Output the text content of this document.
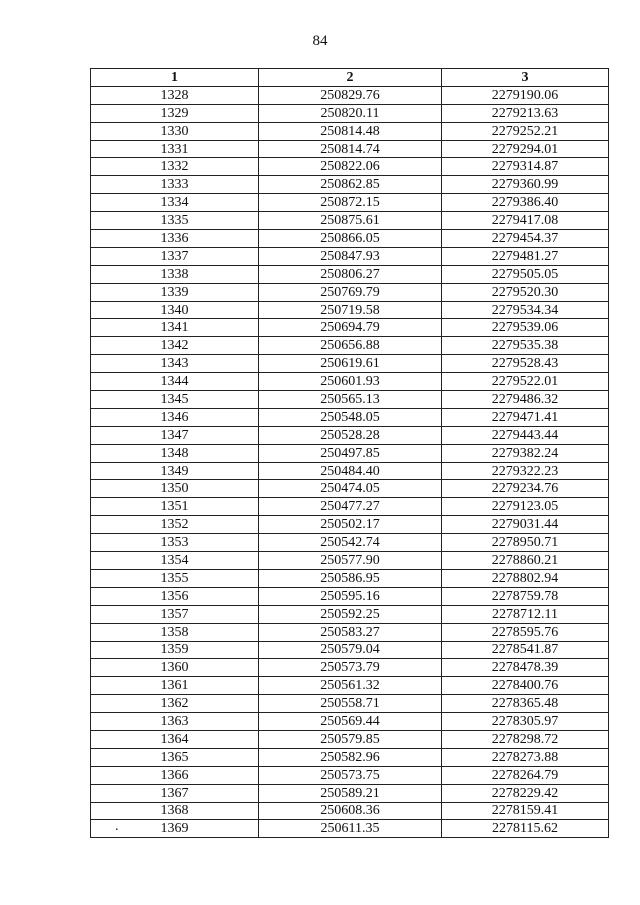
84
1	2	3
1328	250829.76	2279190.06
1329	250820.11	2279213.63
1330	250814.48	2279252.21
1331	250814.74	2279294.01
1332	250822.06	2279314.87
1333	250862.85	2279360.99
1334	250872.15	2279386.40
1335	250875.61	2279417.08
1336	250866.05	2279454.37
1337	250847.93	2279481.27
1338	250806.27	2279505.05
1339	250769.79	2279520.30
1340	250719.58	2279534.34
1341	250694.79	2279539.06
1342	250656.88	2279535.38
1343	250619.61	2279528.43
1344	250601.93	2279522.01
1345	250565.13	2279486.32
1346	250548.05	2279471.41
1347	250528.28	2279443.44
1348	250497.85	2279382.24
1349	250484.40	2279322.23
1350	250474.05	2279234.76
1351	250477.27	2279123.05
1352	250502.17	2279031.44
1353	250542.74	2278950.71
1354	250577.90	2278860.21
1355	250586.95	2278802.94
1356	250595.16	2278759.78
1357	250592.25	2278712.11
1358	250583.27	2278595.76
1359	250579.04	2278541.87
1360	250573.79	2278478.39
1361	250561.32	2278400.76
1362	250558.71	2278365.48
1363	250569.44	2278305.97
1364	250579.85	2278298.72
1365	250582.96	2278273.88
1366	250573.75	2278264.79
1367	250589.21	2278229.42
1368	250608.36	2278159.41
1369	250611.35	2278115.62
.
